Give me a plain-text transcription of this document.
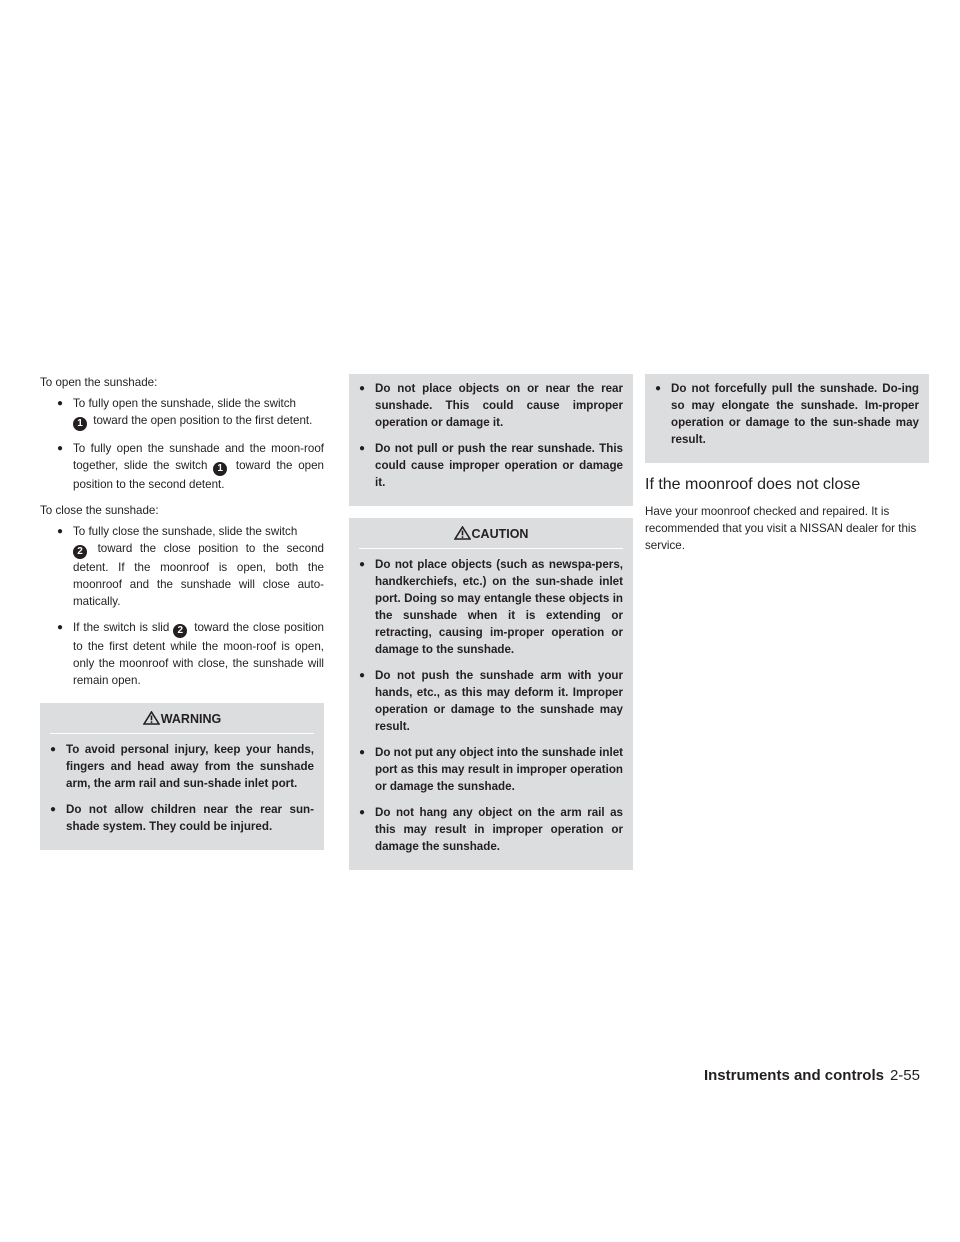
To open the sunshade:

● To fully open the sunshade, slide the switch
1 toward the open position to the first detent.
● To fully open the sunshade and the moon-roof together, slide the switch 1 toward the open position to the second detent.

To close the sunshade:

● To fully close the sunshade, slide the switch
2 toward the close position to the second detent. If the moonroof is open, both the moonroof and the sunshade will close auto-matically.
● If the switch is slid 2 toward the close position to the first detent while the moon-roof is open, only the moonroof with close, the sunshade will remain open.
WARNING
● To avoid personal injury, keep your hands, fingers and head away from the sunshade arm, the arm rail and sun-shade inlet port.
● Do not allow children near the rear sun-shade system. They could be injured.
● Do not place objects on or near the rear sunshade. This could cause improper operation or damage it.
● Do not pull or push the rear sunshade. This could cause improper operation or damage it.
CAUTION
● Do not place objects (such as newspa-pers, handkerchiefs, etc.) on the sun-shade inlet port. Doing so may entangle these objects in the sunshade when it is extending or retracting, causing im-proper operation or damage to the sunshade.
● Do not push the sunshade arm with your hands, etc., as this may deform it. Improper operation or damage to the sunshade may result.
● Do not put any object into the sunshade inlet port as this may result in improper operation or damage the sunshade.
● Do not hang any object on the arm rail as this may result in improper operation or damage the sunshade.
● Do not forcefully pull the sunshade. Do-ing so may elongate the sunshade. Im-proper operation or damage to the sun-shade may result.
If the moonroof does not close

Have your moonroof checked and repaired. It is recommended that you visit a NISSAN dealer for this service.

Instruments and controls 2-55
